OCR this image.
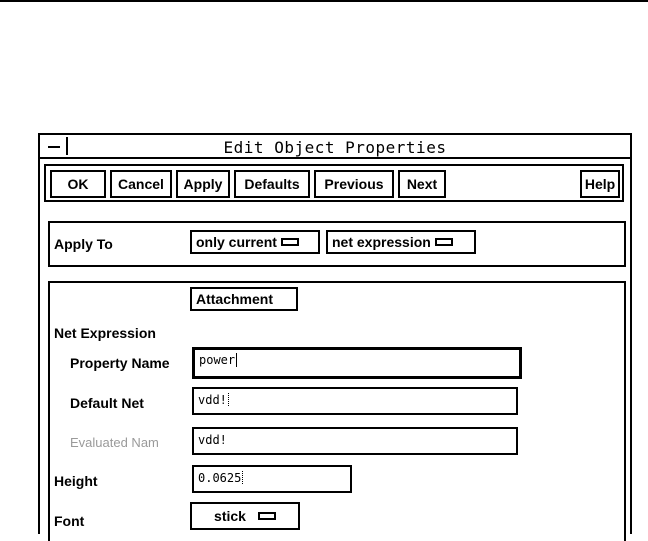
Edit Object Properties
OK	Cancel	Apply	Defaults	Previous	Next	Help
Apply To	only current	net expression
Attachment
Net Expression
Property Name	power
Default Net	vdd!
Evaluated Nam	vdd!
Height	0.0625
Font	stick
